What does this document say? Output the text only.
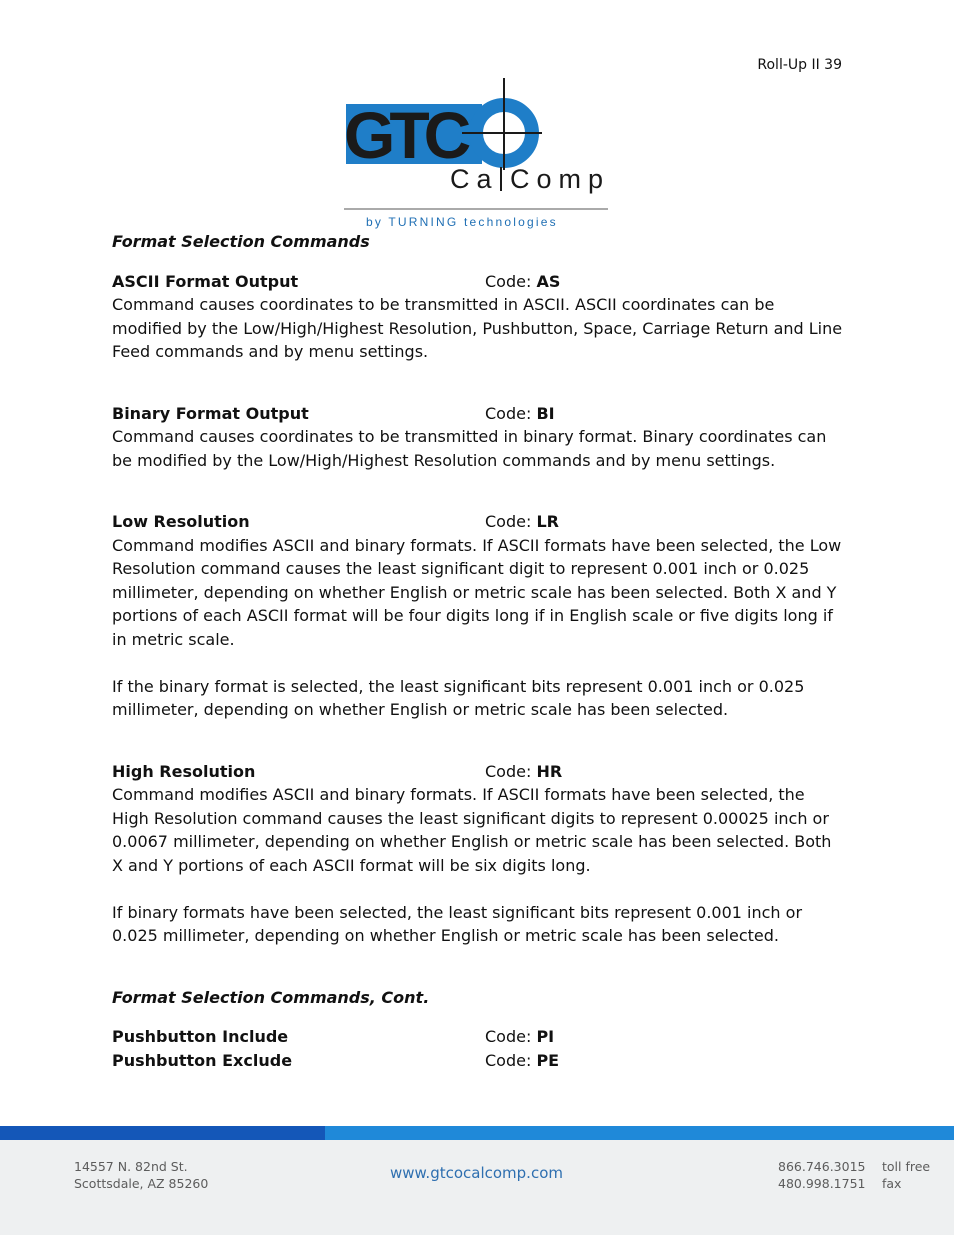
Roll-Up II 39
GTC
Ca Comp
by TURNING technologies
Format Selection Commands
ASCII Format Output	Code: AS

Command causes coordinates to be transmitted in ASCII. ASCII coordinates can be modified by the Low/High/Highest Resolution, Pushbutton, Space, Carriage Return and Line Feed commands and by menu settings.

Binary Format Output	Code: BI

Command causes coordinates to be transmitted in binary format. Binary coordinates can be modified by the Low/High/Highest Resolution commands and by menu settings.

Low Resolution	Code: LR

Command modifies ASCII and binary formats. If ASCII formats have been selected, the Low Resolution command causes the least significant digit to represent 0.001 inch or 0.025 millimeter, depending on whether English or metric scale has been selected. Both X and Y portions of each ASCII format will be four digits long if in English scale or five digits long if in metric scale.

If the binary format is selected, the least significant bits represent 0.001 inch or 0.025 millimeter, depending on whether English or metric scale has been selected.

High Resolution	Code: HR

Command modifies ASCII and binary formats. If ASCII formats have been selected, the High Resolution command causes the least significant digits to represent 0.00025 inch or 0.0067 millimeter, depending on whether English or metric scale has been selected. Both X and Y portions of each ASCII format will be six digits long.

If binary formats have been selected, the least significant bits represent 0.001 inch or 0.025 millimeter, depending on whether English or metric scale has been selected.

Format Selection Commands, Cont.
Pushbutton Include	Code: PI
Pushbutton Exclude	Code: PE
14557 N. 82nd St.
Scottsdale, AZ 85260
www.gtcocalcomp.com	866.746.3015
480.998.1751
toll free
fax
